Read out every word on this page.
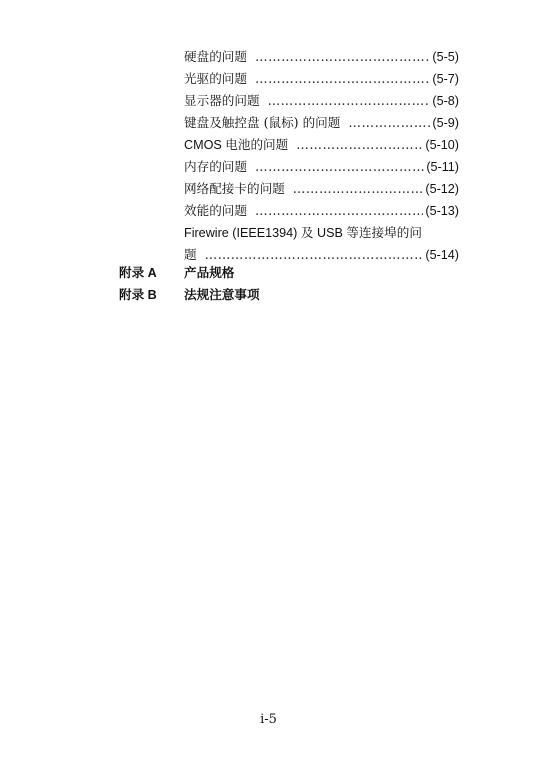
硬盘的问题 ………………………………………………………………………………………………………………	(5-5)
光驱的问题 ………………………………………………………………………………………………………………	(5-7)
显示器的问题 ………………………………………………………………………………………………………………	(5-8)
键盘及触控盘 (鼠标) 的问题 ………………………………………………………………………………………………………………	(5-9)
CMOS 电池的问题 ………………………………………………………………………………………………………………	(5-10)
内存的问题 ………………………………………………………………………………………………………………	(5-11)
网络配接卡的问题 ………………………………………………………………………………………………………………	(5-12)
效能的问题 ………………………………………………………………………………………………………………	(5-13)
Firewire (IEEE1394) 及 USB 等连接埠的问
题 ………………………………………………………………………………………………………………	(5-14)
附录 A 产品规格
附录 B 法规注意事项
i-5
